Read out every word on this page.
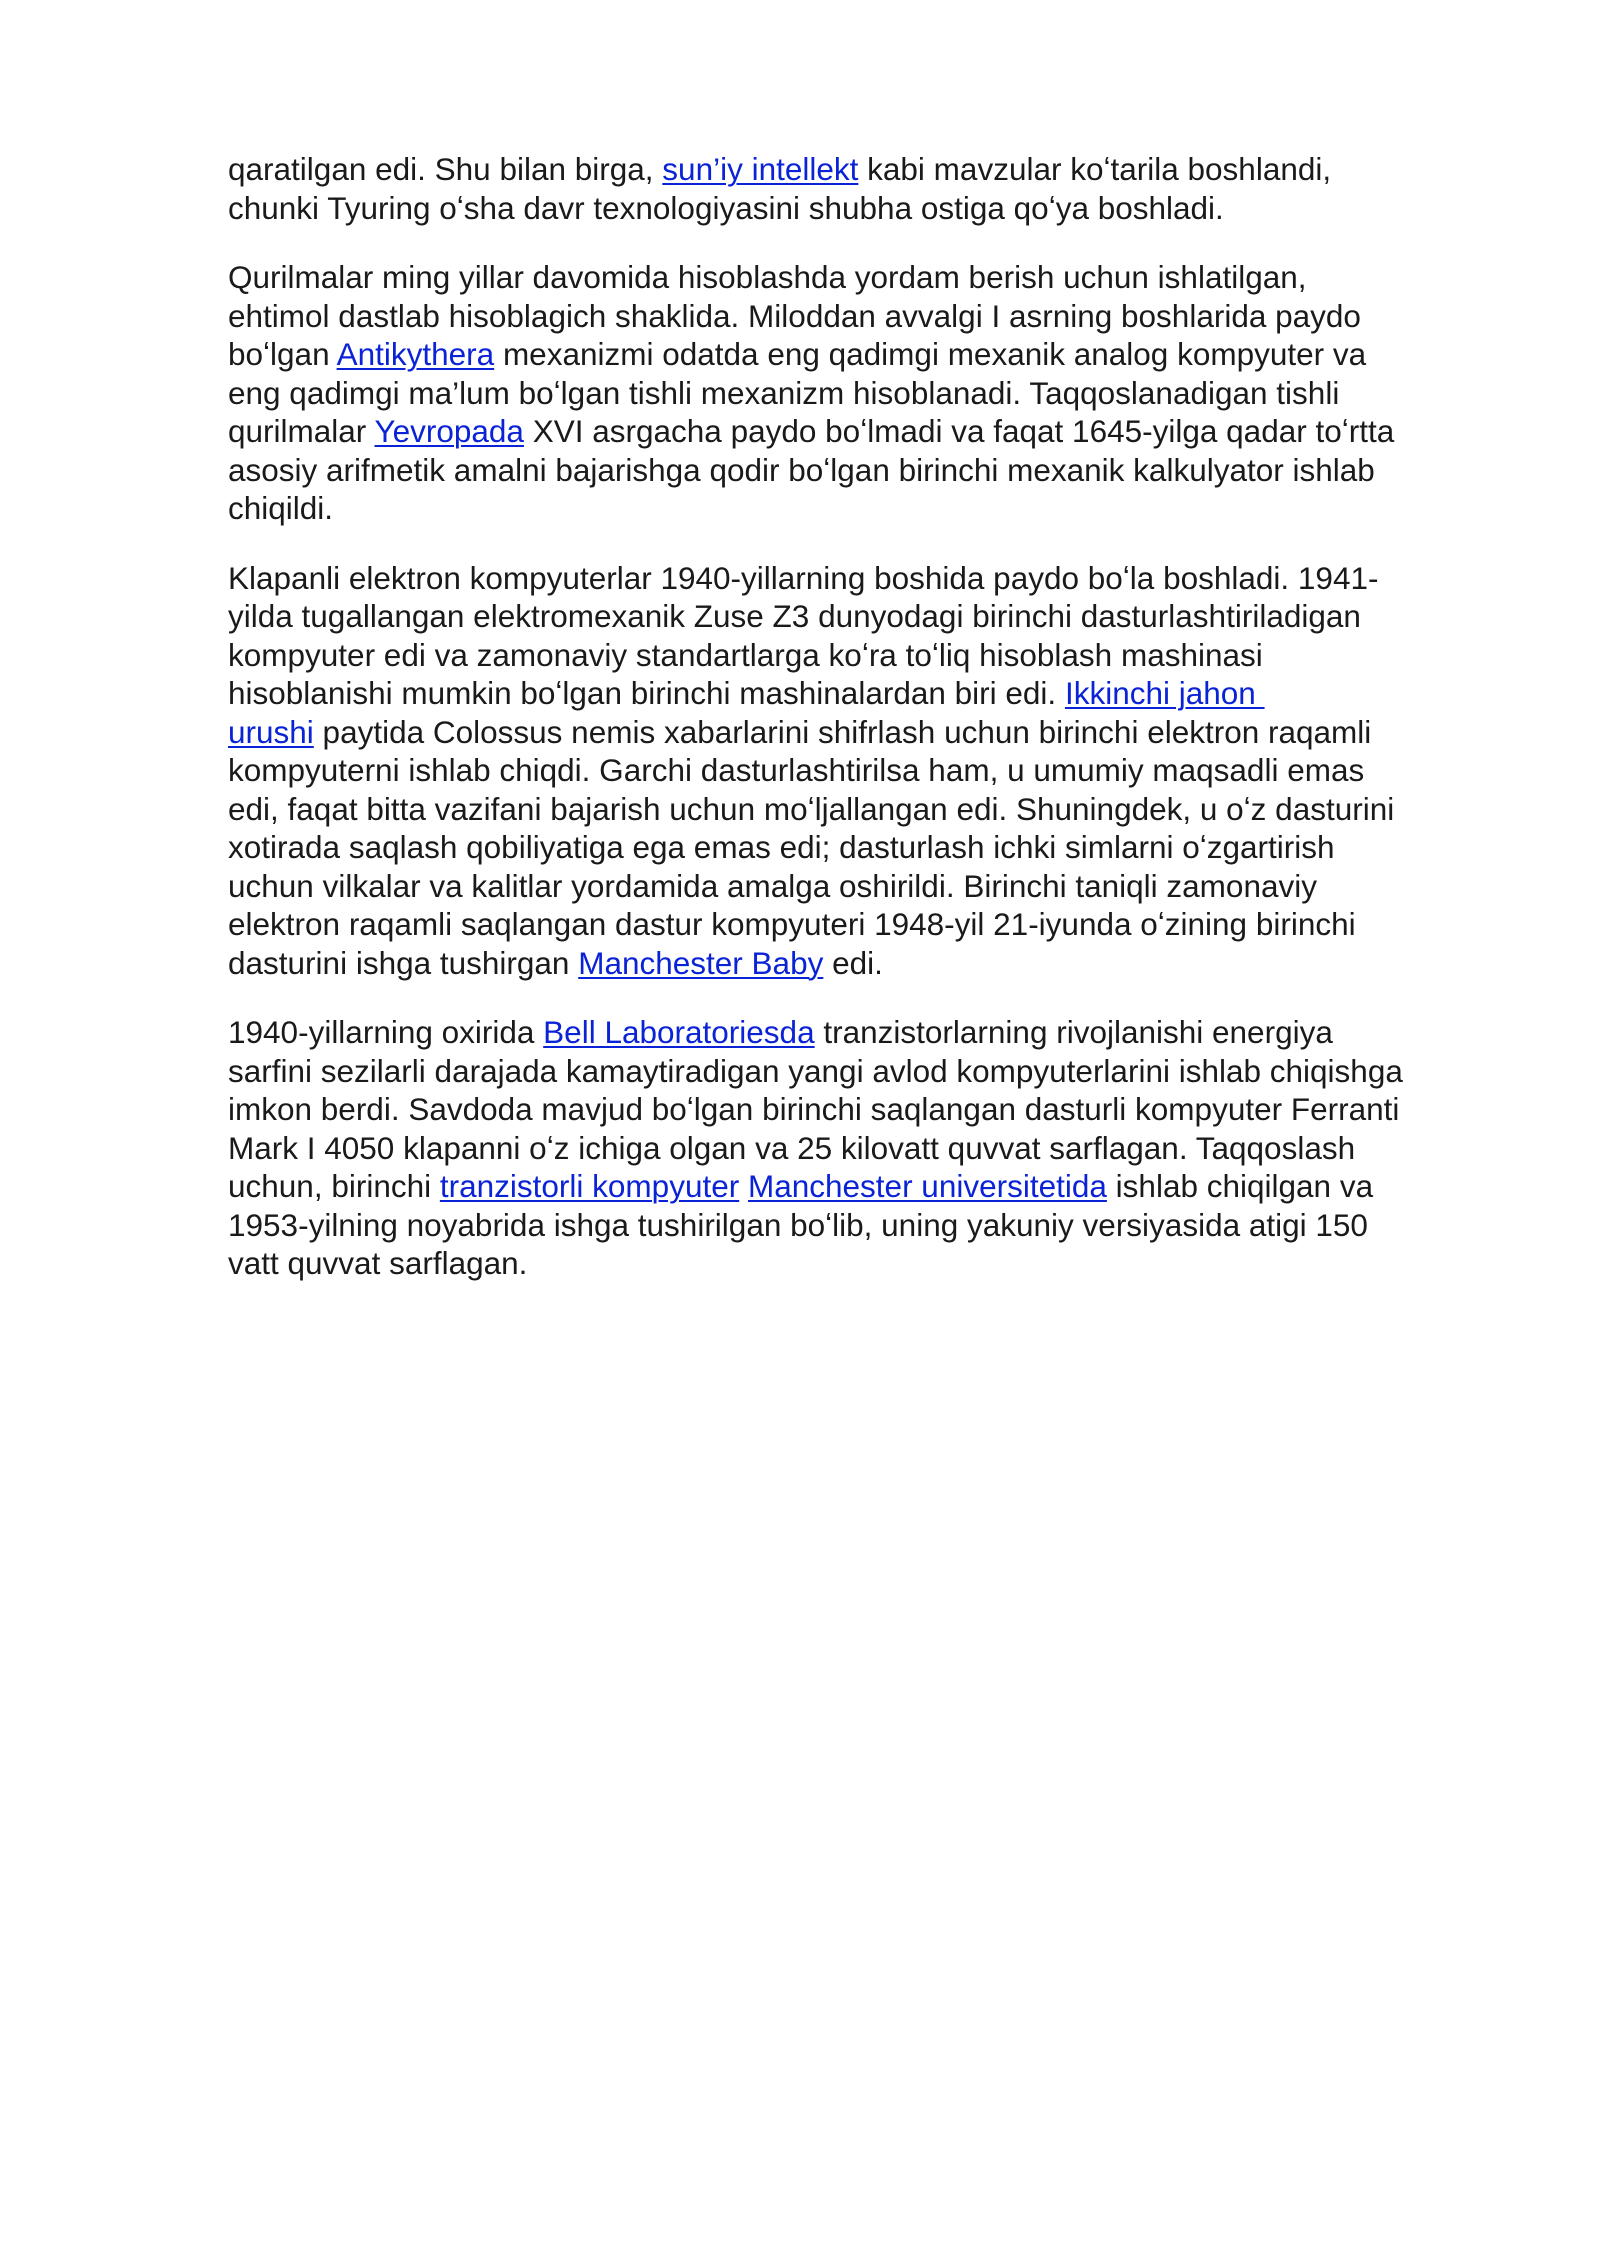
qaratilgan edi. Shu bilan birga, sun’iy intellekt kabi mavzular koʻtarila boshlandi,
chunki Tyuring oʻsha davr texnologiyasini shubha ostiga qoʻya boshladi.
Qurilmalar ming yillar davomida hisoblashda yordam berish uchun ishlatilgan,
ehtimol dastlab hisoblagich shaklida. Miloddan avvalgi I asrning boshlarida paydo
boʻlgan Antikythera mexanizmi odatda eng qadimgi mexanik analog kompyuter va
eng qadimgi ma’lum boʻlgan tishli mexanizm hisoblanadi. Taqqoslanadigan tishli
qurilmalar Yevropada XVI asrgacha paydo boʻlmadi va faqat 1645-yilga qadar toʻrtta
asosiy arifmetik amalni bajarishga qodir boʻlgan birinchi mexanik kalkulyator ishlab
chiqildi.
Klapanli elektron kompyuterlar 1940-yillarning boshida paydo boʻla boshladi. 1941-
yilda tugallangan elektromexanik Zuse Z3 dunyodagi birinchi dasturlashtiriladigan
kompyuter edi va zamonaviy standartlarga koʻra toʻliq hisoblash mashinasi
hisoblanishi mumkin boʻlgan birinchi mashinalardan biri edi. Ikkinchi jahon
urushi paytida Colossus nemis xabarlarini shifrlash uchun birinchi elektron raqamli
kompyuterni ishlab chiqdi. Garchi dasturlashtirilsa ham, u umumiy maqsadli emas
edi, faqat bitta vazifani bajarish uchun moʻljallangan edi. Shuningdek, u oʻz dasturini
xotirada saqlash qobiliyatiga ega emas edi; dasturlash ichki simlarni oʻzgartirish
uchun vilkalar va kalitlar yordamida amalga oshirildi. Birinchi taniqli zamonaviy
elektron raqamli saqlangan dastur kompyuteri 1948-yil 21-iyunda oʻzining birinchi
dasturini ishga tushirgan Manchester Baby edi.
1940-yillarning oxirida Bell Laboratoriesda tranzistorlarning rivojlanishi energiya
sarfini sezilarli darajada kamaytiradigan yangi avlod kompyuterlarini ishlab chiqishga
imkon berdi. Savdoda mavjud boʻlgan birinchi saqlangan dasturli kompyuter Ferranti
Mark I 4050 klapanni oʻz ichiga olgan va 25 kilovatt quvvat sarflagan. Taqqoslash
uchun, birinchi tranzistorli kompyuter Manchester universitetida ishlab chiqilgan va
1953-yilning noyabrida ishga tushirilgan boʻlib, uning yakuniy versiyasida atigi 150
vatt quvvat sarflagan.
